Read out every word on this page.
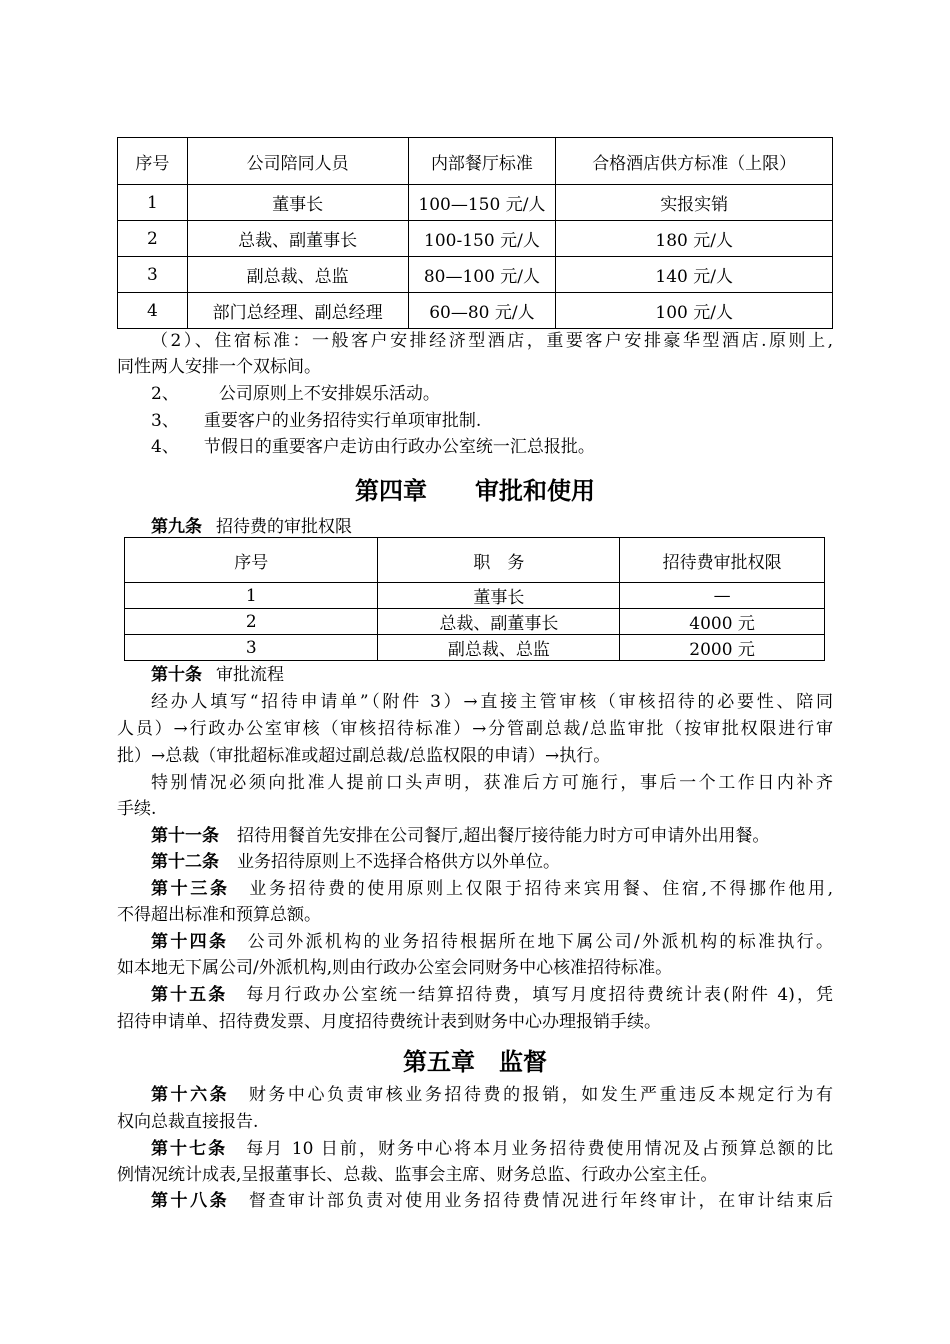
序号	公司陪同人员	内部餐厅标准	合格酒店供方标准（上限）
1	董事长	100—150 元/人	实报实销
2	总裁、副董事长	100-150 元/人	180 元/人
3	副总裁、总监	80—100 元/人	140 元/人
4	部门总经理、副总经理	60—80 元/人	100 元/人
（2）、住宿标准：一般客户安排经济型酒店，重要客户安排豪华型酒店.原则上,
同性两人安排一个双标间。
2、 公司原则上不安排娱乐活动。
3、 重要客户的业务招待实行单项审批制.
4、 节假日的重要客户走访由行政办公室统一汇总报批。
第四章　　审批和使用
第九条 招待费的审批权限
序号	职　务	招待费审批权限
1	董事长	—
2	总裁、副董事长	4000 元
3	副总裁、总监	2000 元
第十条 审批流程
经办人填写“招待申请单”（附件 3）→直接主管审核（审核招待的必要性、陪同
人员）→行政办公室审核（审核招待标准）→分管副总裁/总监审批（按审批权限进行审
批）→总裁（审批超标准或超过副总裁/总监权限的申请）→执行。
特别情况必须向批准人提前口头声明，获准后方可施行，事后一个工作日内补齐
手续.
第十一条 招待用餐首先安排在公司餐厅,超出餐厅接待能力时方可申请外出用餐。
第十二条 业务招待原则上不选择合格供方以外单位。
第十三条　 业务招待费的使用原则上仅限于招待来宾用餐、住宿,不得挪作他用,
不得超出标准和预算总额。
第十四条　 公司外派机构的业务招待根据所在地下属公司/外派机构的标准执行。
如本地无下属公司/外派机构,则由行政办公室会同财务中心核准招待标准。
第十五条　 每月行政办公室统一结算招待费，填写月度招待费统计表(附件 4)，凭
招待申请单、招待费发票、月度招待费统计表到财务中心办理报销手续。
第五章　监督
第十六条　 财务中心负责审核业务招待费的报销，如发生严重违反本规定行为有
权向总裁直接报告.
第十七条　 每月 10 日前，财务中心将本月业务招待费使用情况及占预算总额的比
例情况统计成表,呈报董事长、总裁、监事会主席、财务总监、行政办公室主任。
第十八条　 督查审计部负责对使用业务招待费情况进行年终审计，在审计结束后
